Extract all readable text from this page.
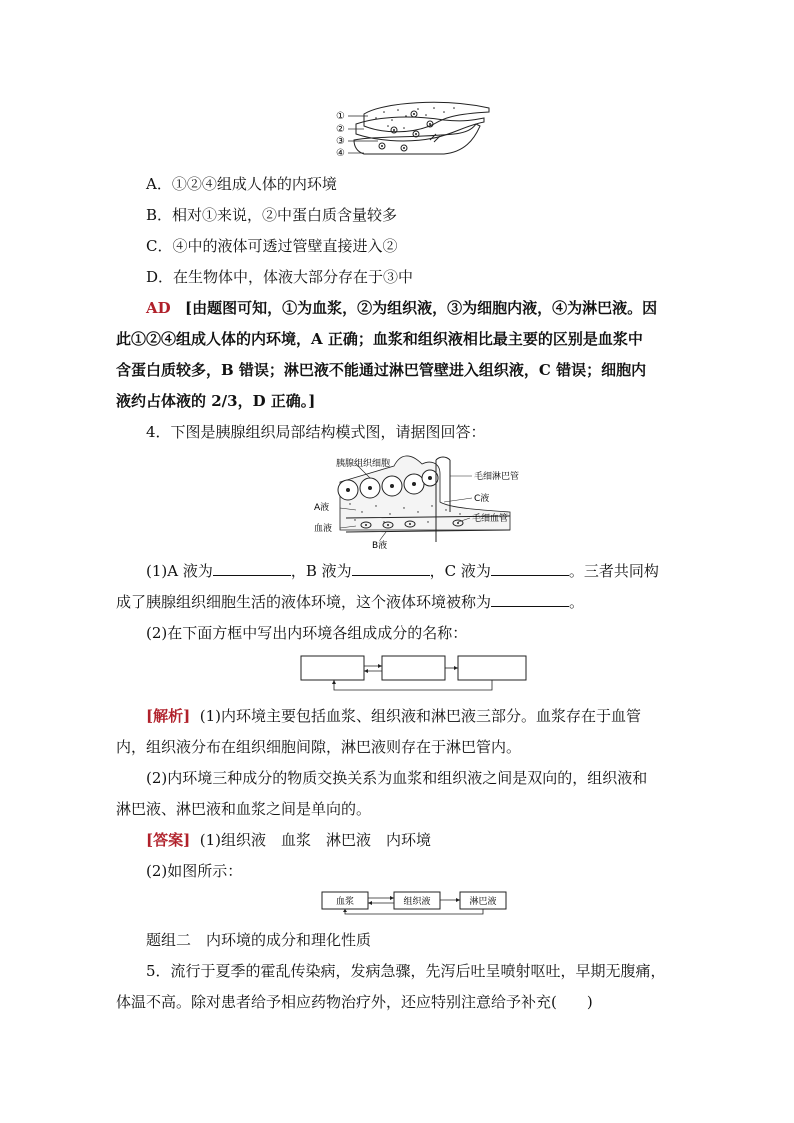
①
②
③
④
A．①②④组成人体的内环境
B．相对①来说，②中蛋白质含量较多
C．④中的液体可透过管壁直接进入②
D．在生物体中，体液大部分存在于③中
AD [由题图可知，①为血浆，②为组织液，③为细胞内液，④为淋巴液。因
此①②④组成人体的内环境，A 正确；血浆和组织液相比最主要的区别是血浆中
含蛋白质较多，B 错误；淋巴液不能通过淋巴管壁进入组织液，C 错误；细胞内
液约占体液的 2/3，D 正确。]
4．下图是胰腺组织局部结构模式图，请据图回答：
胰腺组织细胞
毛细淋巴管
C液
A液
毛细血管
血液
B液
(1)A 液为	，B 液为	，C 液为	。三者共同构
成了胰腺组织细胞生活的液体环境，这个液体环境被称为	。
(2)在下面方框中写出内环境各组成成分的名称：
[解析] (1)内环境主要包括血浆、组织液和淋巴液三部分。血浆存在于血管
内，组织液分布在组织细胞间隙，淋巴液则存在于淋巴管内。
(2)内环境三种成分的物质交换关系为血浆和组织液之间是双向的，组织液和
淋巴液、淋巴液和血浆之间是单向的。
[答案] (1)组织液　血浆　淋巴液　内环境
(2)如图所示：
血浆	组织液	淋巴液
题组二　内环境的成分和理化性质
5．流行于夏季的霍乱传染病，发病急骤，先泻后吐呈喷射呕吐，早期无腹痛，
体温不高。除对患者给予相应药物治疗外，还应特别注意给予补充(　　)
